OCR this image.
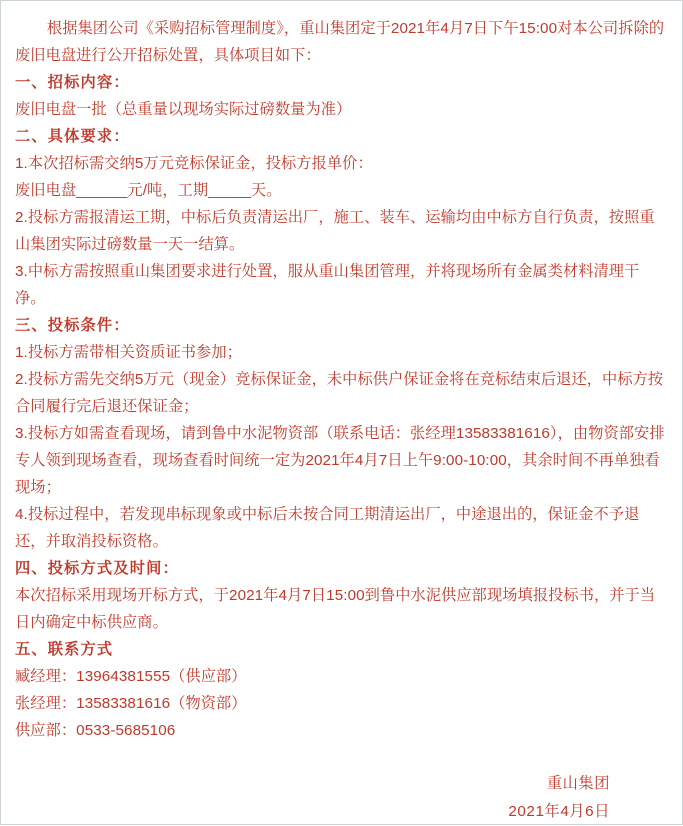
根据集团公司《采购招标管理制度》，重山集团定于2021年4月7日下午15:00对本公司拆除的废旧电盘进行公开招标处置，具体项目如下：

一、招标内容：

废旧电盘一批（总重量以现场实际过磅数量为准）

二、具体要求：

1.本次招标需交纳5万元竞标保证金，投标方报单价：

废旧电盘______元/吨，工期_____天。

2.投标方需报清运工期，中标后负责清运出厂，施工、装车、运输均由中标方自行负责，按照重山集团实际过磅数量一天一结算。

3.中标方需按照重山集团要求进行处置，服从重山集团管理，并将现场所有金属类材料清理干净。

三、投标条件：

1.投标方需带相关资质证书参加；

2.投标方需先交纳5万元（现金）竞标保证金，未中标供户保证金将在竞标结束后退还，中标方按合同履行完后退还保证金；

3.投标方如需查看现场，请到鲁中水泥物资部（联系电话：张经理13583381616），由物资部安排专人领到现场查看，现场查看时间统一定为2021年4月7日上午9:00-10:00，其余时间不再单独看现场；

4.投标过程中，若发现串标现象或中标后未按合同工期清运出厂，中途退出的，保证金不予退还，并取消投标资格。

四、投标方式及时间：

本次招标采用现场开标方式，于2021年4月7日15:00到鲁中水泥供应部现场填报投标书，并于当日内确定中标供应商。

五、联系方式

臧经理：13964381555（供应部）

张经理：13583381616（物资部）

供应部：0533-5685106

重山集团
2021年4月6日
